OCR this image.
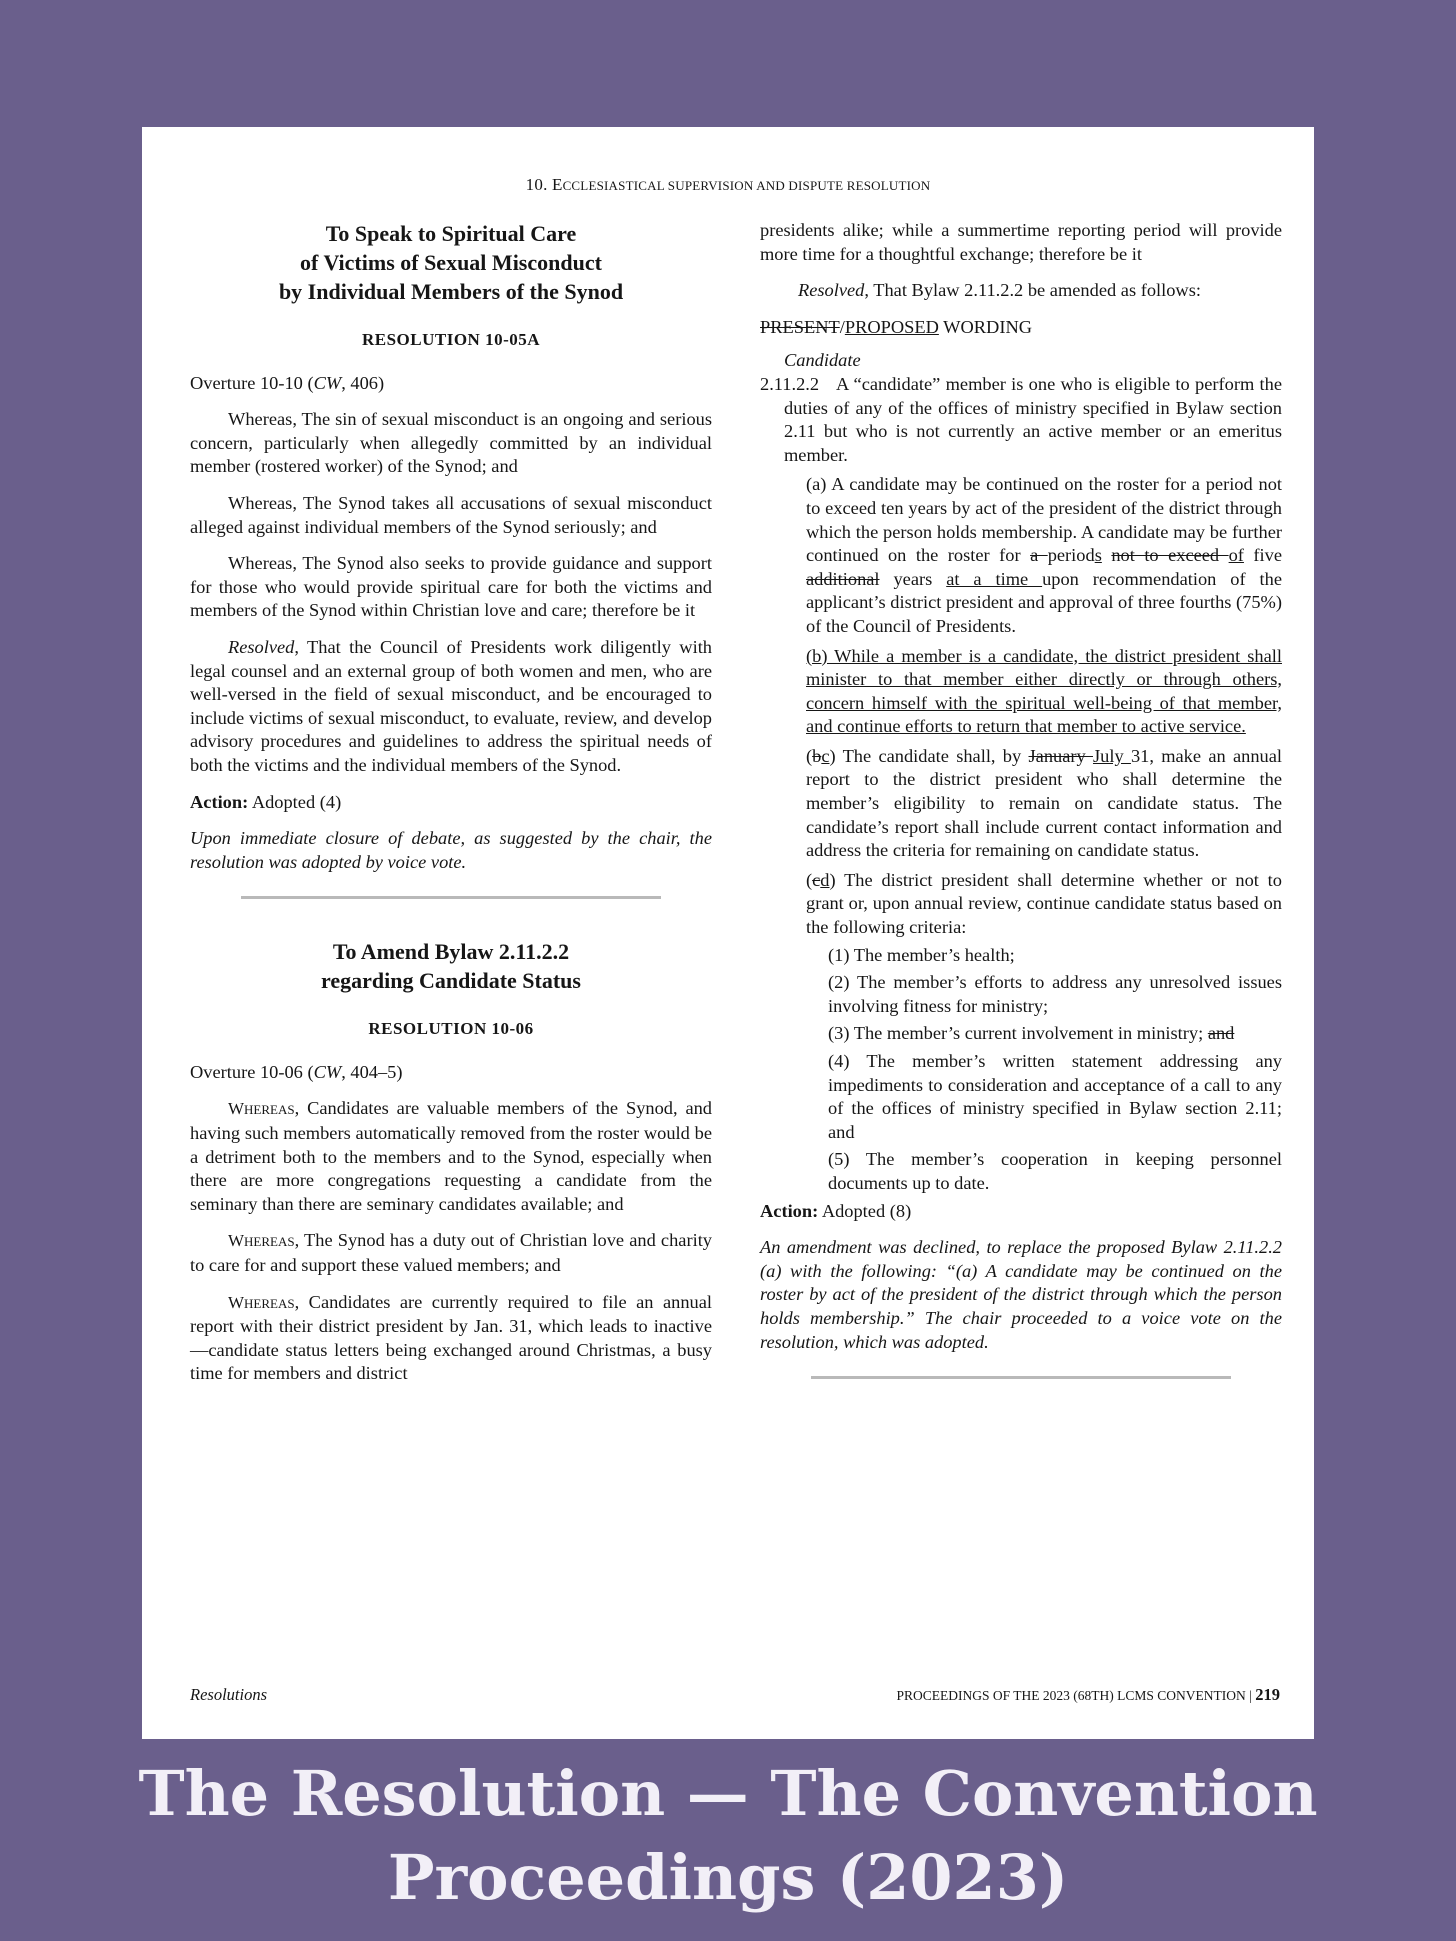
10. ECCLESIASTICAL SUPERVISION AND DISPUTE RESOLUTION
To Speak to Spiritual Care
of Victims of Sexual Misconduct
by Individual Members of the Synod
RESOLUTION 10-05A

Overture 10-10 (CW, 406)

Whereas, The sin of sexual misconduct is an ongoing and serious concern, particularly when allegedly committed by an individual member (rostered worker) of the Synod; and

Whereas, The Synod takes all accusations of sexual misconduct alleged against individual members of the Synod seriously; and

Whereas, The Synod also seeks to provide guidance and support for those who would provide spiritual care for both the victims and members of the Synod within Christian love and care; therefore be it

Resolved, That the Council of Presidents work diligently with legal counsel and an external group of both women and men, who are well-versed in the field of sexual misconduct, and be encouraged to include victims of sexual misconduct, to evaluate, review, and develop advisory procedures and guidelines to address the spiritual needs of both the victims and the individual members of the Synod.

Action: Adopted (4)

Upon immediate closure of debate, as suggested by the chair, the resolution was adopted by voice vote.

To Amend Bylaw 2.11.2.2
regarding Candidate Status
RESOLUTION 10-06

Overture 10-06 (CW, 404–5)

WHEREAS, Candidates are valuable members of the Synod, and having such members automatically removed from the roster would be a detriment both to the members and to the Synod, especially when there are more congregations requesting a candidate from the seminary than there are seminary candidates available; and

WHEREAS, The Synod has a duty out of Christian love and charity to care for and support these valued members; and

WHEREAS, Candidates are currently required to file an annual report with their district president by Jan. 31, which leads to inactive—candidate status letters being exchanged around Christmas, a busy time for members and district

presidents alike; while a summertime reporting period will provide more time for a thoughtful exchange; therefore be it

Resolved, That Bylaw 2.11.2.2 be amended as follows:

PRESENT/PROPOSED WORDING

Candidate

2.11.2.2 A “candidate” member is one who is eligible to perform the duties of any of the offices of ministry specified in Bylaw section 2.11 but who is not currently an active member or an emeritus member.

(a) A candidate may be continued on the roster for a period not to exceed ten years by act of the president of the district through which the person holds membership. A candidate may be further continued on the roster for a periods not to exceed of five additional years at a time upon recommendation of the applicant’s district president and approval of three fourths (75%) of the Council of Presidents.

(b) While a member is a candidate, the district president shall minister to that member either directly or through others, concern himself with the spiritual well-being of that member, and continue efforts to return that member to active service.

(bc) The candidate shall, by January July 31, make an annual report to the district president who shall determine the member’s eligibility to remain on candidate status. The candidate’s report shall include current contact information and address the criteria for remaining on candidate status.

(cd) The district president shall determine whether or not to grant or, upon annual review, continue candidate status based on the following criteria:

(1) The member’s health;

(2) The member’s efforts to address any unresolved issues involving fitness for ministry;

(3) The member’s current involvement in ministry; and

(4) The member’s written statement addressing any impediments to consideration and acceptance of a call to any of the offices of ministry specified in Bylaw section 2.11; and

(5) The member’s cooperation in keeping personnel documents up to date.

Action: Adopted (8)

An amendment was declined, to replace the proposed Bylaw 2.11.2.2 (a) with the following: “(a) A candidate may be continued on the roster by act of the president of the district through which the person holds membership.” The chair proceeded to a voice vote on the resolution, which was adopted.

Resolutions	PROCEEDINGS OF THE 2023 (68TH) LCMS CONVENTION | 219
The Resolution — The Convention
Proceedings (2023)
